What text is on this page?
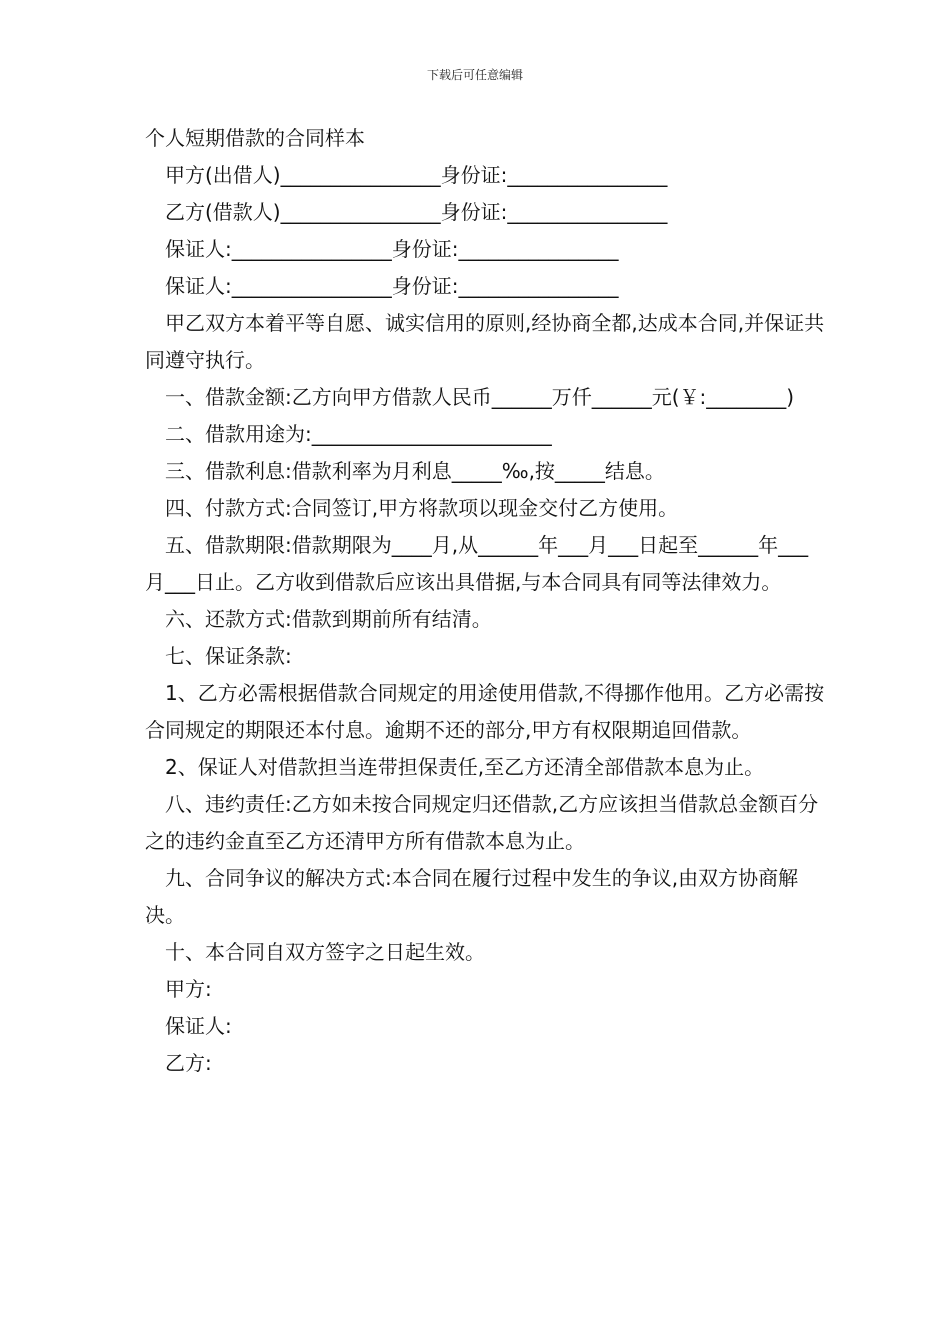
下载后可任意编辑

个人短期借款的合同样本

甲方(出借人)________________身份证:________________

乙方(借款人)________________身份证:________________

保证人:________________身份证:________________

保证人:________________身份证:________________

甲乙双方本着平等自愿、诚实信用的原则,经协商全都,达成本合同,并保证共同遵守执行。

一、借款金额:乙方向甲方借款人民币______万仟______元(￥:________)

二、借款用途为:________________________

三、借款利息:借款利率为月利息_____‰,按_____结息。

四、付款方式:合同签订,甲方将款项以现金交付乙方使用。

五、借款期限:借款期限为____月,从______年___月___日起至______年___月___日止。乙方收到借款后应该出具借据,与本合同具有同等法律效力。

六、还款方式:借款到期前所有结清。

七、保证条款:

1、乙方必需根据借款合同规定的用途使用借款,不得挪作他用。乙方必需按合同规定的期限还本付息。逾期不还的部分,甲方有权限期追回借款。

2、保证人对借款担当连带担保责任,至乙方还清全部借款本息为止。

八、违约责任:乙方如未按合同规定归还借款,乙方应该担当借款总金额百分之的违约金直至乙方还清甲方所有借款本息为止。

九、合同争议的解决方式:本合同在履行过程中发生的争议,由双方协商解决。

十、本合同自双方签字之日起生效。

甲方:

保证人:

乙方:
